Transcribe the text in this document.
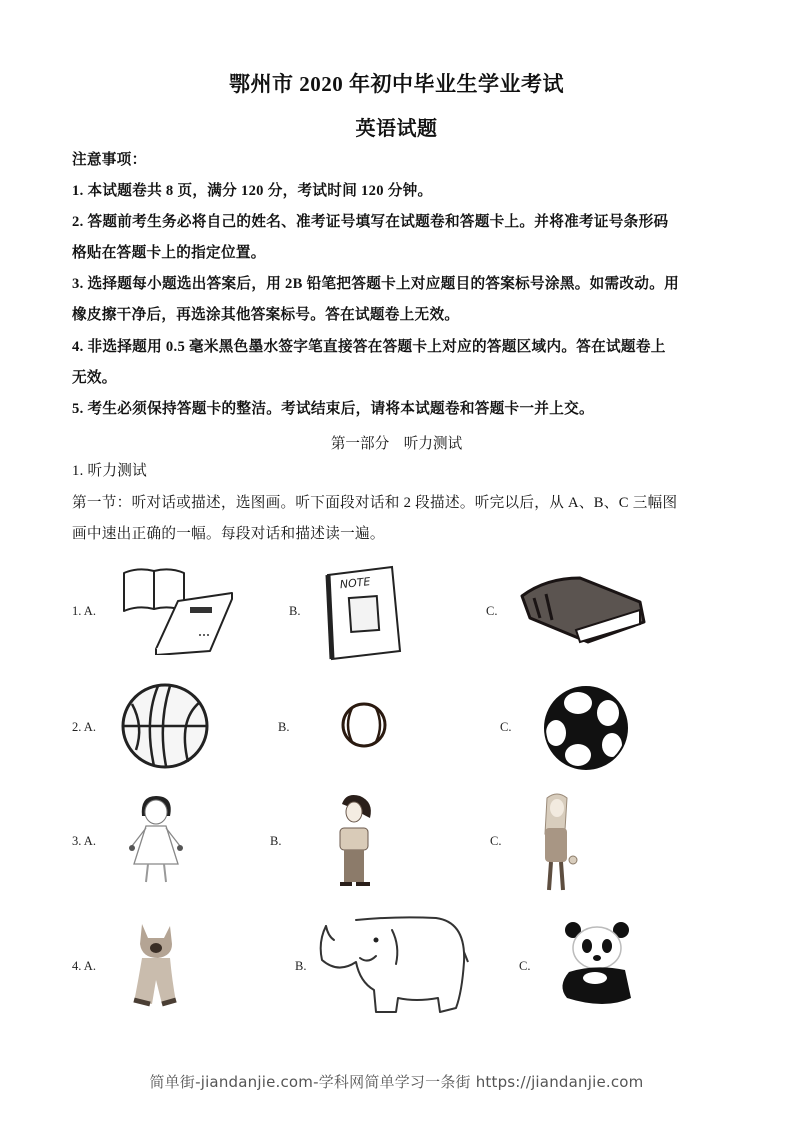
鄂州市 2020 年初中毕业生学业考试
英语试题
注意事项：
1. 本试题卷共 8 页，满分 120 分，考试时间 120 分钟。
2. 答题前考生务必将自己的姓名、准考证号填写在试题卷和答题卡上。并将准考证号条形码
格贴在答题卡上的指定位置。
3. 选择题每小题选出答案后，用 2B 铅笔把答题卡上对应题目的答案标号涂黑。如需改动。用
橡皮擦干净后，再选涂其他答案标号。答在试题卷上无效。
4. 非选择题用 0.5 毫米黑色墨水签字笔直接答在答题卡上对应的答题区域内。答在试题卷上
无效。
5. 考生必须保持答题卡的整洁。考试结束后，请将本试题卷和答题卡一并上交。
第一部分　听力测试
1. 听力测试
第一节：听对话或描述，选图画。听下面段对话和 2 段描述。听完以后，从 A、B、C 三幅图
画中速出正确的一幅。每段对话和描述读一遍。
1. A.	B.	C.
NOTE
2. A.	B.	C.
3. A.	B.	C.
4. A.	B.	C.
简单街-jiandanjie.com-学科网简单学习一条街 https://jiandanjie.com
